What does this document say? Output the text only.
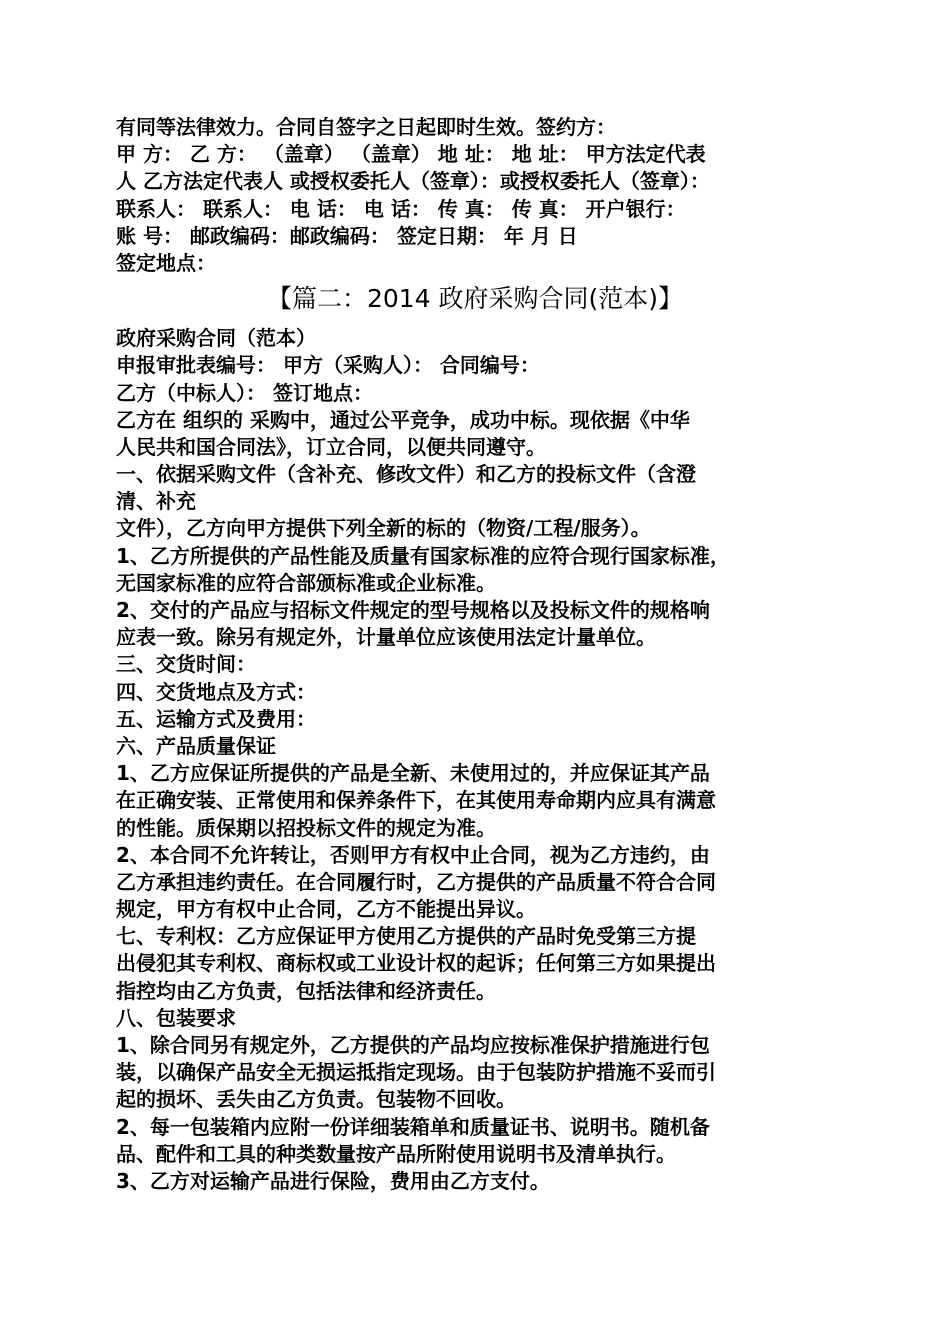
有同等法律效力。合同自签字之日起即时生效。签约方：
甲 方： 乙 方： （盖章） （盖章） 地 址： 地 址： 甲方法定代表
人 乙方法定代表人 或授权委托人（签章）：或授权委托人（签章）：
联系人： 联系人： 电 话： 电 话： 传 真： 传 真： 开户银行：
账 号： 邮政编码：邮政编码： 签定日期： 年 月 日
签定地点：
【篇二：2014 政府采购合同(范本)】
政府采购合同（范本）
申报审批表编号： 甲方（采购人）： 合同编号：
乙方（中标人）： 签订地点：
乙方在 组织的 采购中，通过公平竞争，成功中标。现依据《中华
人民共和国合同法》，订立合同，以便共同遵守。
一、依据采购文件（含补充、修改文件）和乙方的投标文件（含澄
清、补充
文件），乙方向甲方提供下列全新的标的（物资/工程/服务）。
1、乙方所提供的产品性能及质量有国家标准的应符合现行国家标准，
无国家标准的应符合部颁标准或企业标准。
2、交付的产品应与招标文件规定的型号规格以及投标文件的规格响
应表一致。除另有规定外，计量单位应该使用法定计量单位。
三、交货时间：
四、交货地点及方式：
五、运输方式及费用：
六、产品质量保证
1、乙方应保证所提供的产品是全新、未使用过的，并应保证其产品
在正确安装、正常使用和保养条件下，在其使用寿命期内应具有满意
的性能。质保期以招投标文件的规定为准。
2、本合同不允许转让，否则甲方有权中止合同，视为乙方违约，由
乙方承担违约责任。在合同履行时，乙方提供的产品质量不符合合同
规定，甲方有权中止合同，乙方不能提出异议。
七、专利权：乙方应保证甲方使用乙方提供的产品时免受第三方提
出侵犯其专利权、商标权或工业设计权的起诉；任何第三方如果提出
指控均由乙方负责，包括法律和经济责任。
八、包装要求
1、除合同另有规定外，乙方提供的产品均应按标准保护措施进行包
装，以确保产品安全无损运抵指定现场。由于包装防护措施不妥而引
起的损坏、丢失由乙方负责。包装物不回收。
2、每一包装箱内应附一份详细装箱单和质量证书、说明书。随机备
品、配件和工具的种类数量按产品所附使用说明书及清单执行。
3、乙方对运输产品进行保险，费用由乙方支付。
